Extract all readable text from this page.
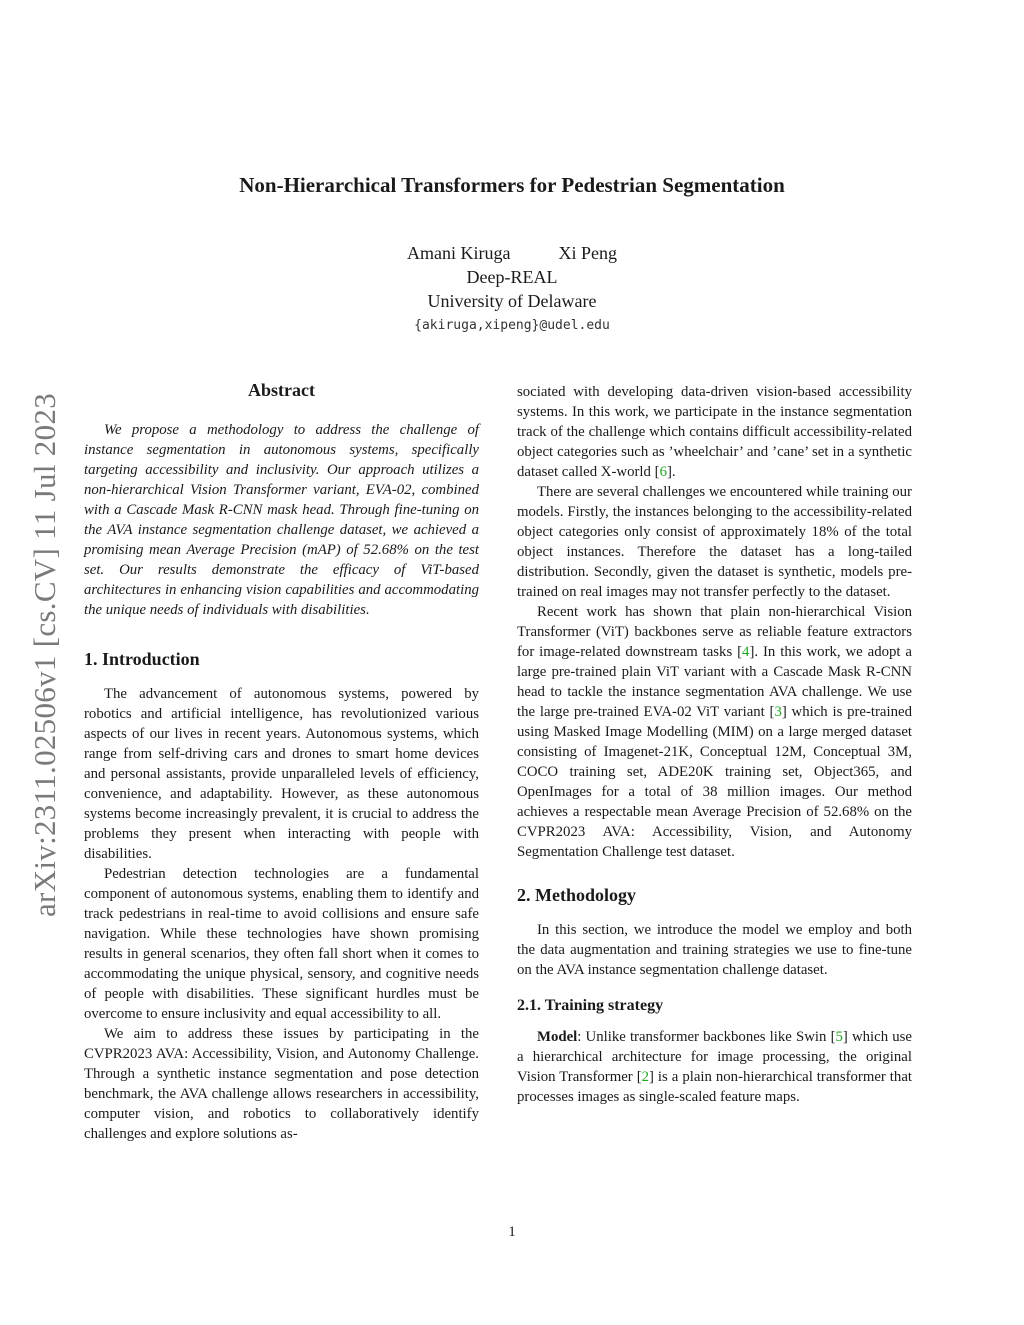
arXiv:2311.02506v1 [cs.CV] 11 Jul 2023
Non-Hierarchical Transformers for Pedestrian Segmentation
Amani Kiruga	Xi Peng
Deep-REAL
University of Delaware
{akiruga,xipeng}@udel.edu
Abstract

We propose a methodology to address the challenge of instance segmentation in autonomous systems, specifically targeting accessibility and inclusivity. Our approach utilizes a non-hierarchical Vision Transformer variant, EVA-02, combined with a Cascade Mask R-CNN mask head. Through fine-tuning on the AVA instance segmentation challenge dataset, we achieved a promising mean Average Precision (mAP) of 52.68% on the test set. Our results demonstrate the efficacy of ViT-based architectures in enhancing vision capabilities and accommodating the unique needs of individuals with disabilities.

1. Introduction

The advancement of autonomous systems, powered by robotics and artificial intelligence, has revolutionized various aspects of our lives in recent years. Autonomous systems, which range from self-driving cars and drones to smart home devices and personal assistants, provide unparalleled levels of efficiency, convenience, and adaptability. However, as these autonomous systems become increasingly prevalent, it is crucial to address the problems they present when interacting with people with disabilities.

Pedestrian detection technologies are a fundamental component of autonomous systems, enabling them to identify and track pedestrians in real-time to avoid collisions and ensure safe navigation. While these technologies have shown promising results in general scenarios, they often fall short when it comes to accommodating the unique physical, sensory, and cognitive needs of people with disabilities. These significant hurdles must be overcome to ensure inclusivity and equal accessibility to all.

We aim to address these issues by participating in the CVPR2023 AVA: Accessibility, Vision, and Autonomy Challenge. Through a synthetic instance segmentation and pose detection benchmark, the AVA challenge allows researchers in accessibility, computer vision, and robotics to collaboratively identify challenges and explore solutions as-

sociated with developing data-driven vision-based accessibility systems. In this work, we participate in the instance segmentation track of the challenge which contains difficult accessibility-related object categories such as ’wheelchair’ and ’cane’ set in a synthetic dataset called X-world [6].

There are several challenges we encountered while training our models. Firstly, the instances belonging to the accessibility-related object categories only consist of approximately 18% of the total object instances. Therefore the dataset has a long-tailed distribution. Secondly, given the dataset is synthetic, models pre-trained on real images may not transfer perfectly to the dataset.

Recent work has shown that plain non-hierarchical Vision Transformer (ViT) backbones serve as reliable feature extractors for image-related downstream tasks [4]. In this work, we adopt a large pre-trained plain ViT variant with a Cascade Mask R-CNN head to tackle the instance segmentation AVA challenge. We use the large pre-trained EVA-02 ViT variant [3] which is pre-trained using Masked Image Modelling (MIM) on a large merged dataset consisting of Imagenet-21K, Conceptual 12M, Conceptual 3M, COCO training set, ADE20K training set, Object365, and OpenImages for a total of 38 million images. Our method achieves a respectable mean Average Precision of 52.68% on the CVPR2023 AVA: Accessibility, Vision, and Autonomy Segmentation Challenge test dataset.

2. Methodology

In this section, we introduce the model we employ and both the data augmentation and training strategies we use to fine-tune on the AVA instance segmentation challenge dataset.

2.1. Training strategy

Model: Unlike transformer backbones like Swin [5] which use a hierarchical architecture for image processing, the original Vision Transformer [2] is a plain non-hierarchical transformer that processes images as single-scaled feature maps.

1
